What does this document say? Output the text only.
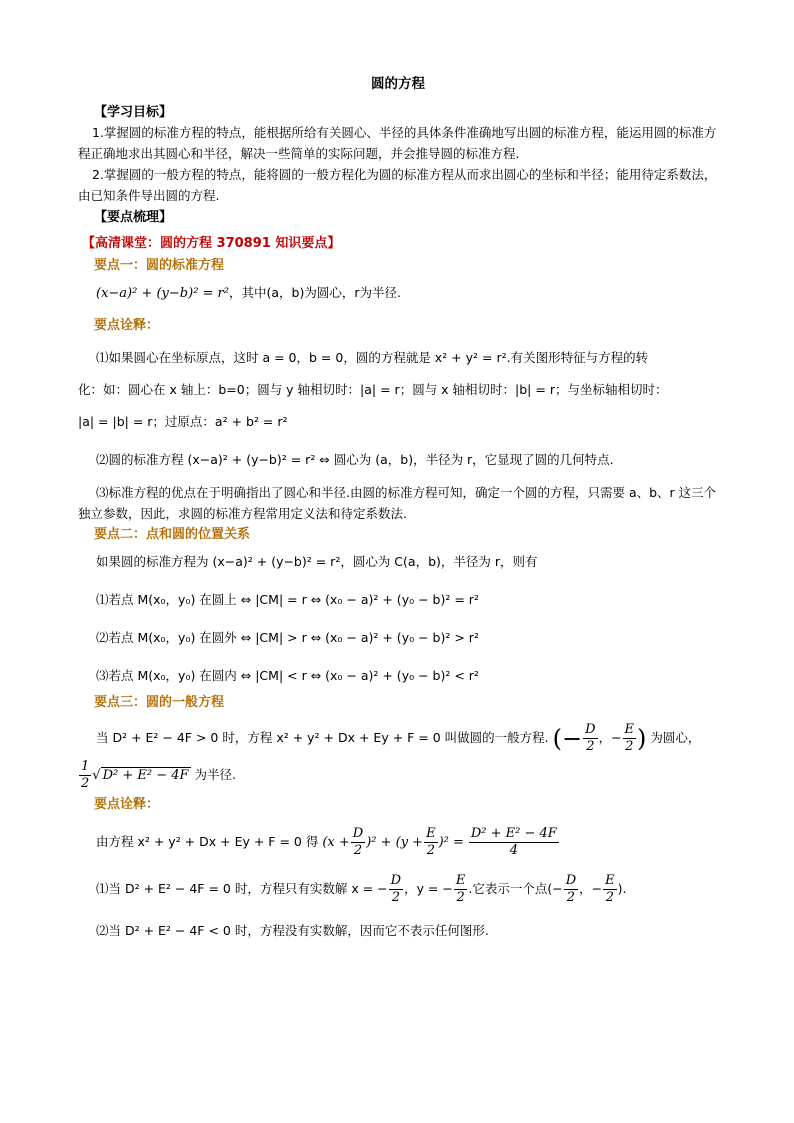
圆的方程

【学习目标】

1.掌握圆的标准方程的特点，能根据所给有关圆心、半径的具体条件准确地写出圆的标准方程，能运用圆的标准方程正确地求出其圆心和半径，解决一些简单的实际问题，并会推导圆的标准方程.

2.掌握圆的一般方程的特点，能将圆的一般方程化为圆的标准方程从而求出圆心的坐标和半径；能用待定系数法，由已知条件导出圆的方程.

【要点梳理】

【高清课堂：圆的方程 370891 知识要点】

要点一：圆的标准方程

(x−a)² + (y−b)² = r²，其中(a，b)为圆心，r为半径.

要点诠释：

⑴如果圆心在坐标原点，这时 a = 0，b = 0，圆的方程就是 x² + y² = r².有关图形特征与方程的转

化：如：圆心在 x 轴上：b=0；圆与 y 轴相切时：|a| = r；圆与 x 轴相切时：|b| = r；与坐标轴相切时：

|a| = |b| = r；过原点：a² + b² = r²

⑵圆的标准方程 (x−a)² + (y−b)² = r² ⇔ 圆心为 (a，b)，半径为 r，它显现了圆的几何特点.

⑶标准方程的优点在于明确指出了圆心和半径.由圆的标准方程可知，确定一个圆的方程，只需要 a、b、r 这三个独立参数，因此，求圆的标准方程常用定义法和待定系数法.

要点二：点和圆的位置关系

如果圆的标准方程为 (x−a)² + (y−b)² = r²，圆心为 C(a，b)，半径为 r，则有

⑴若点 M(x₀，y₀) 在圆上 ⇔ |CM| = r ⇔ (x₀ − a)² + (y₀ − b)² = r²

⑵若点 M(x₀，y₀) 在圆外 ⇔ |CM| > r ⇔ (x₀ − a)² + (y₀ − b)² > r²

⑶若点 M(x₀，y₀) 在圆内 ⇔ |CM| < r ⇔ (x₀ − a)² + (y₀ − b)² < r²

要点三：圆的一般方程

当 D² + E² − 4F > 0 时，方程 x² + y² + Dx + Ey + F = 0 叫做圆的一般方程. (− $\frac{D}{2}$ ，− $\frac{E}{2}$ ) 为圆心，

$\frac{1}{2}$ √ D² + E² − 4F 为半径.

要点诠释：

由方程 x² + y² + Dx + Ey + F = 0 得 $(x + \frac{D}{2} )^2 + (y + \frac{E}{2} )^2 = \frac{\text{D² + E² − 4F}}{4}$

⑴当 D² + E² − 4F = 0 时，方程只有实数解 x = − $\frac{D}{2}$ ，y = − $\frac{E}{2}$ .它表示一个点(− $\frac{D}{2}$ ，− $\frac{E}{2}$ ).

⑵当 D² + E² − 4F < 0 时，方程没有实数解，因而它不表示任何图形.
